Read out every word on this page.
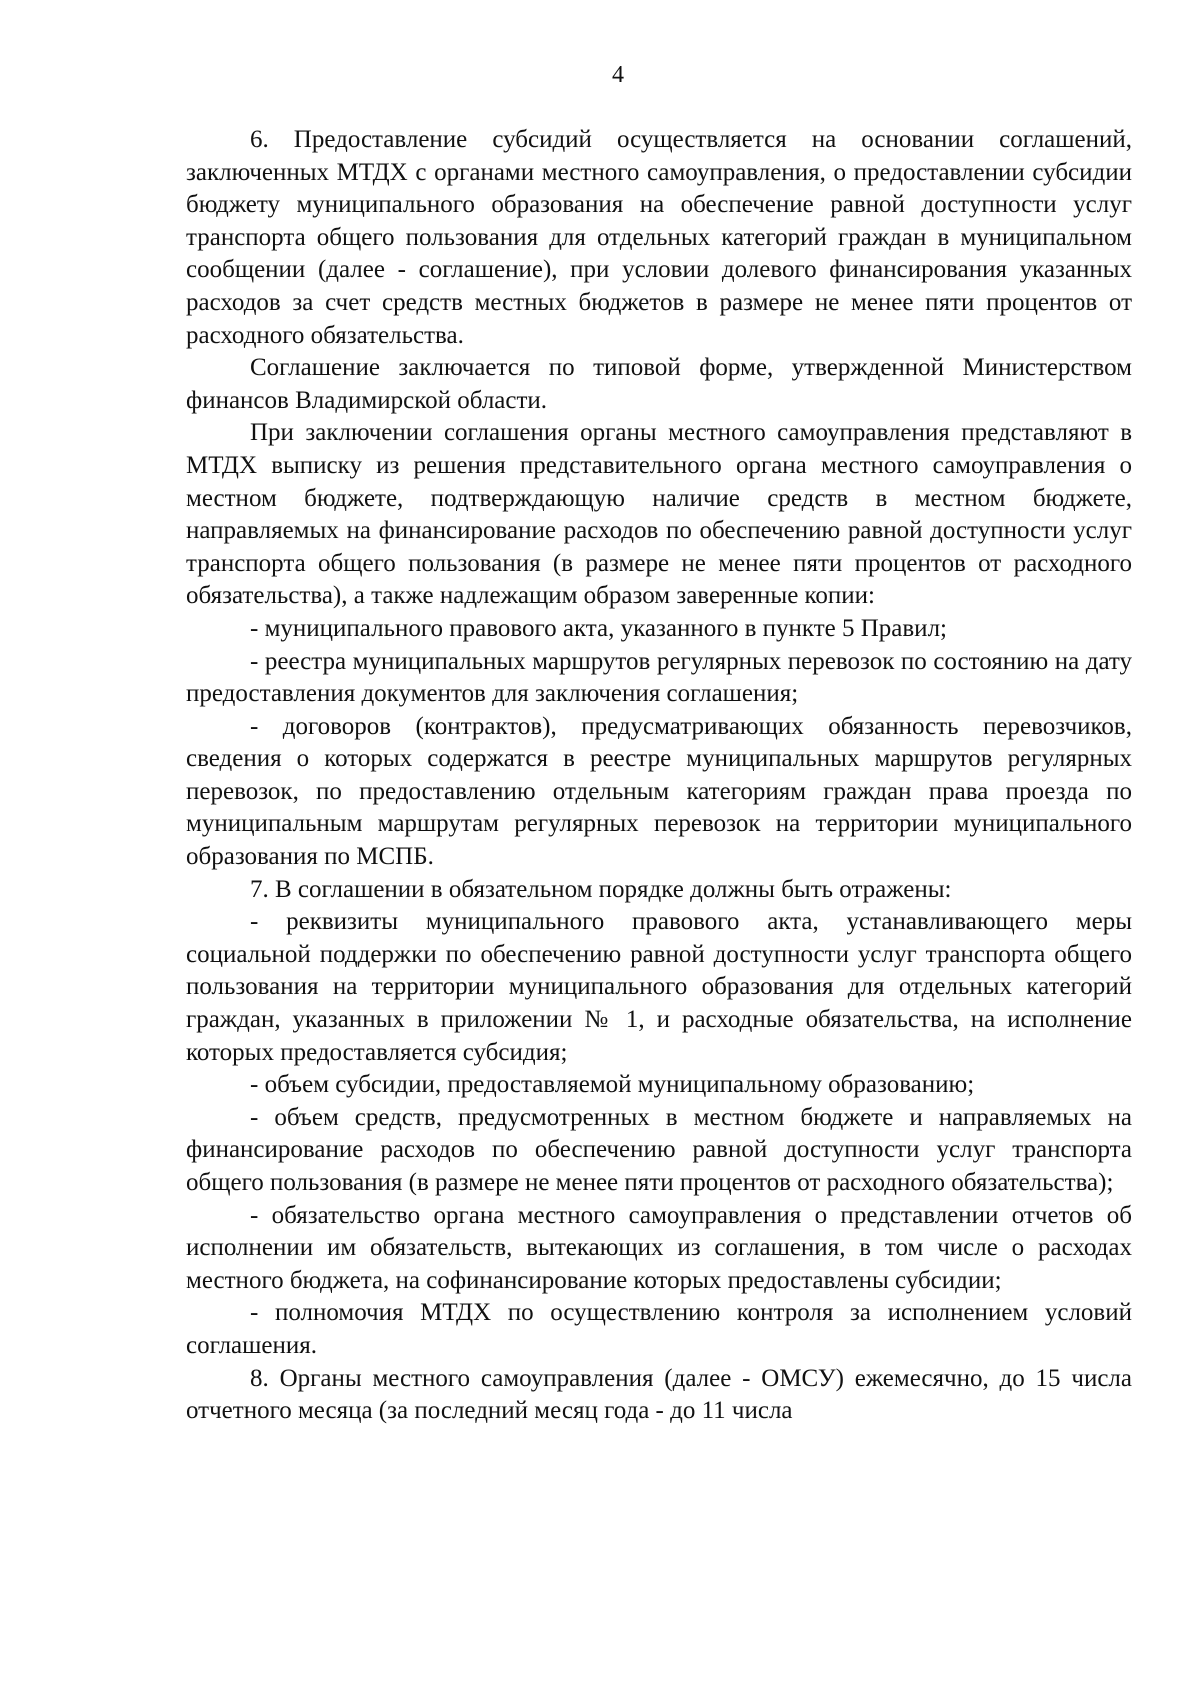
4

6. Предоставление субсидий осуществляется на основании соглашений, заключенных МТДХ с органами местного самоуправления, о предоставлении субсидии бюджету муниципального образования на обеспечение равной доступности услуг транспорта общего пользования для отдельных категорий граждан в муниципальном сообщении (далее - соглашение), при условии долевого финансирования указанных расходов за счет средств местных бюджетов в размере не менее пяти процентов от расходного обязательства.

Соглашение заключается по типовой форме, утвержденной Министерством финансов Владимирской области.

При заключении соглашения органы местного самоуправления представляют в МТДХ выписку из решения представительного органа местного самоуправления о местном бюджете, подтверждающую наличие средств в местном бюджете, направляемых на финансирование расходов по обеспечению равной доступности услуг транспорта общего пользования (в размере не менее пяти процентов от расходного обязательства), а также надлежащим образом заверенные копии:

- муниципального правового акта, указанного в пункте 5 Правил;

- реестра муниципальных маршрутов регулярных перевозок по состоянию на дату предоставления документов для заключения соглашения;

- договоров (контрактов), предусматривающих обязанность перевозчиков, сведения о которых содержатся в реестре муниципальных маршрутов регулярных перевозок, по предоставлению отдельным категориям граждан права проезда по муниципальным маршрутам регулярных перевозок на территории муниципального образования по МСПБ.

7. В соглашении в обязательном порядке должны быть отражены:

- реквизиты муниципального правового акта, устанавливающего меры социальной поддержки по обеспечению равной доступности услуг транспорта общего пользования на территории муниципального образования для отдельных категорий граждан, указанных в приложении № 1, и расходные обязательства, на исполнение которых предоставляется субсидия;

- объем субсидии, предоставляемой муниципальному образованию;

- объем средств, предусмотренных в местном бюджете и направляемых на финансирование расходов по обеспечению равной доступности услуг транспорта общего пользования (в размере не менее пяти процентов от расходного обязательства);

- обязательство органа местного самоуправления о представлении отчетов об исполнении им обязательств, вытекающих из соглашения, в том числе о расходах местного бюджета, на софинансирование которых предоставлены субсидии;

- полномочия МТДХ по осуществлению контроля за исполнением условий соглашения.

8. Органы местного самоуправления (далее - ОМСУ) ежемесячно, до 15 числа отчетного месяца (за последний месяц года - до 11 числа
